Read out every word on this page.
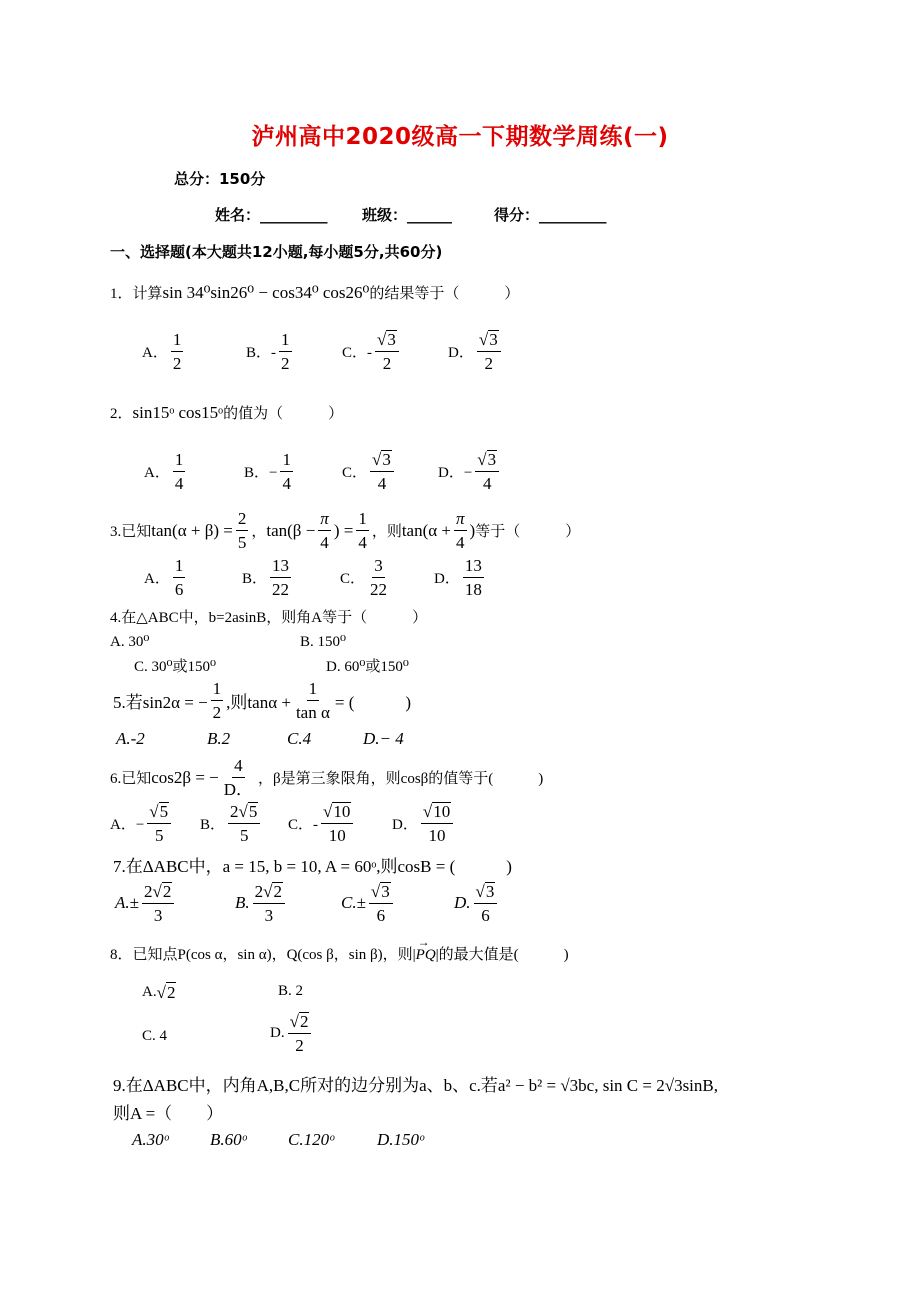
泸州高中2020级高一下期数学周练(一)
总分：150分
姓名：_________ 班级：______	得分：_________
一、选择题(本大题共12小题,每小题5分,共60分)
1．计算sin 34⁰sin26⁰ − cos34⁰ cos26⁰的结果等于（　　　）
A． $\frac{1}{2}$	B．- $\frac{1}{2}$	C．- $\frac{√3}{2}$	D． $\frac{√3}{2}$
2．sin15ᵒ cos15ᵒ的值为（　　　）
A． $\frac{1}{4}$	B．− $\frac{1}{4}$	C． $\frac{√3}{4}$	D．− $\frac{√3}{4}$
3.已知 $\tan(\alpha + \beta) = \frac{2}{5}$ ， $\tan(\beta - \frac{\pi}{4}$ ) = $\frac{1}{4}$ ，则 $\tan(\alpha + \frac{\pi}{4}$ ) 等于（　　　）
A． $\frac{1}{6}$	B． $\frac{13}{22}$	C． $\frac{3}{22}$	D． $\frac{13}{18}$
4.在△ABC中，b=2asinB，则角A等于（　　　）
A. 30⁰	B. 150⁰
C. 30⁰或150⁰	D. 60⁰或150⁰
5.若sin2α = − $\frac{1}{2}$ ,则$\tan\alpha + \frac{1}{\text{tan α}}$ = (　　　)
A.-2	B.2	C.4	D.− 4
6.已知 cos2β = − $\frac{4}{D.}$ ，β是第三象限角，则cosβ的值等于(　　　)
A．− $\frac{√5}{5}$ B． $\frac{2√5}{5}$ C．- $\frac{√10}{10}$	D． $\frac{√10}{10}$
7.在ΔABC中，a = 15, b = 10, A = 60ᵒ,则cosB = (　　　)
$A.\pm \frac{2√2}{3}$	B. $\frac{2√2}{3}$	$C.\pm \frac{√3}{6}$	D. $\frac{√3}{6}$
8．已知点P(cos α，sin α)，Q(cos β，sin β)，则|→ PQ|的最大值是(　　　)
A. √2	B. 2
C. 4	D. $\frac{√2}{2}$
9.在ΔABC中，内角A,B,C所对的边分别为a、b、c.若a² − b² = √3bc, sin C = 2√3sinB,
则A =（　　）
A.30ᵒ B.60ᵒ C.120ᵒ	D.150ᵒ
